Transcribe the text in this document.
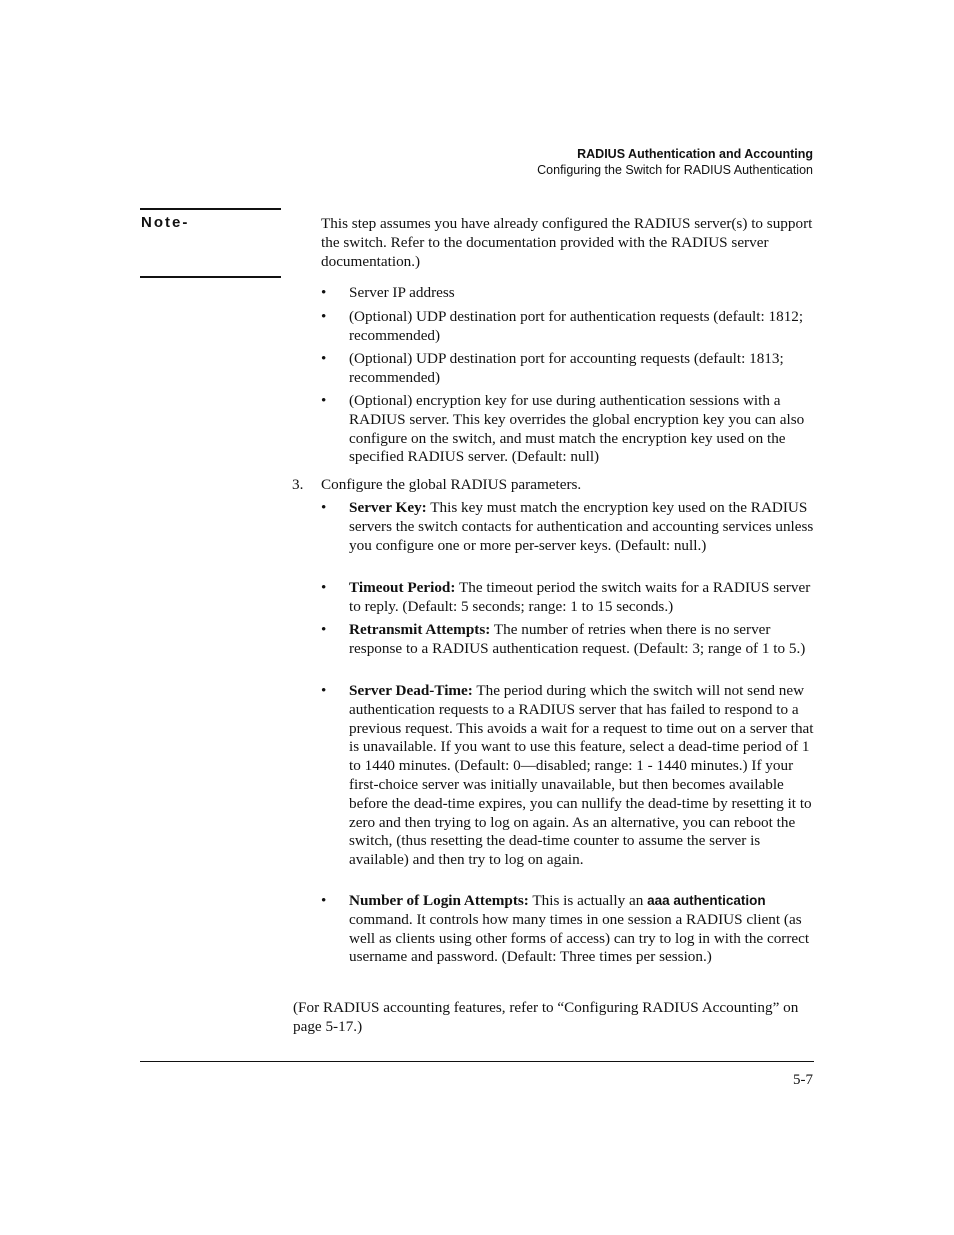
RADIUS Authentication and Accounting
Configuring the Switch for RADIUS Authentication
Note-	This step assumes you have already configured the RADIUS server(s) to support the switch. Refer to the documentation provided with the RADIUS server documentation.)
• Server IP address
• (Optional) UDP destination port for authentication requests (default: 1812; recommended)
• (Optional) UDP destination port for accounting requests (default: 1813; recommended)
• (Optional) encryption key for use during authentication sessions with a RADIUS server. This key overrides the global encryption key you can also configure on the switch, and must match the encryption key used on the specified RADIUS server. (Default: null)
3. Configure the global RADIUS parameters.
• Server Key: This key must match the encryption key used on the RADIUS servers the switch contacts for authentication and accounting services unless you configure one or more per-server keys. (Default: null.)
• Timeout Period: The timeout period the switch waits for a RADIUS server to reply. (Default: 5 seconds; range: 1 to 15 seconds.)
• Retransmit Attempts: The number of retries when there is no server response to a RADIUS authentication request. (Default: 3; range of 1 to 5.)
• Server Dead-Time: The period during which the switch will not send new authentication requests to a RADIUS server that has failed to respond to a previous request. This avoids a wait for a request to time out on a server that is unavailable. If you want to use this feature, select a dead-time period of 1 to 1440 minutes. (Default: 0—disabled; range: 1 - 1440 minutes.) If your first-choice server was initially unavailable, but then becomes available before the dead-time expires, you can nullify the dead-time by resetting it to zero and then trying to log on again. As an alternative, you can reboot the switch, (thus resetting the dead-time counter to assume the server is available) and then try to log on again.
• Number of Login Attempts: This is actually an aaa authentication command. It controls how many times in one session a RADIUS client (as well as clients using other forms of access) can try to log in with the correct username and password. (Default: Three times per session.)
(For RADIUS accounting features, refer to “Configuring RADIUS Accounting” on page 5-17.)
5-7
